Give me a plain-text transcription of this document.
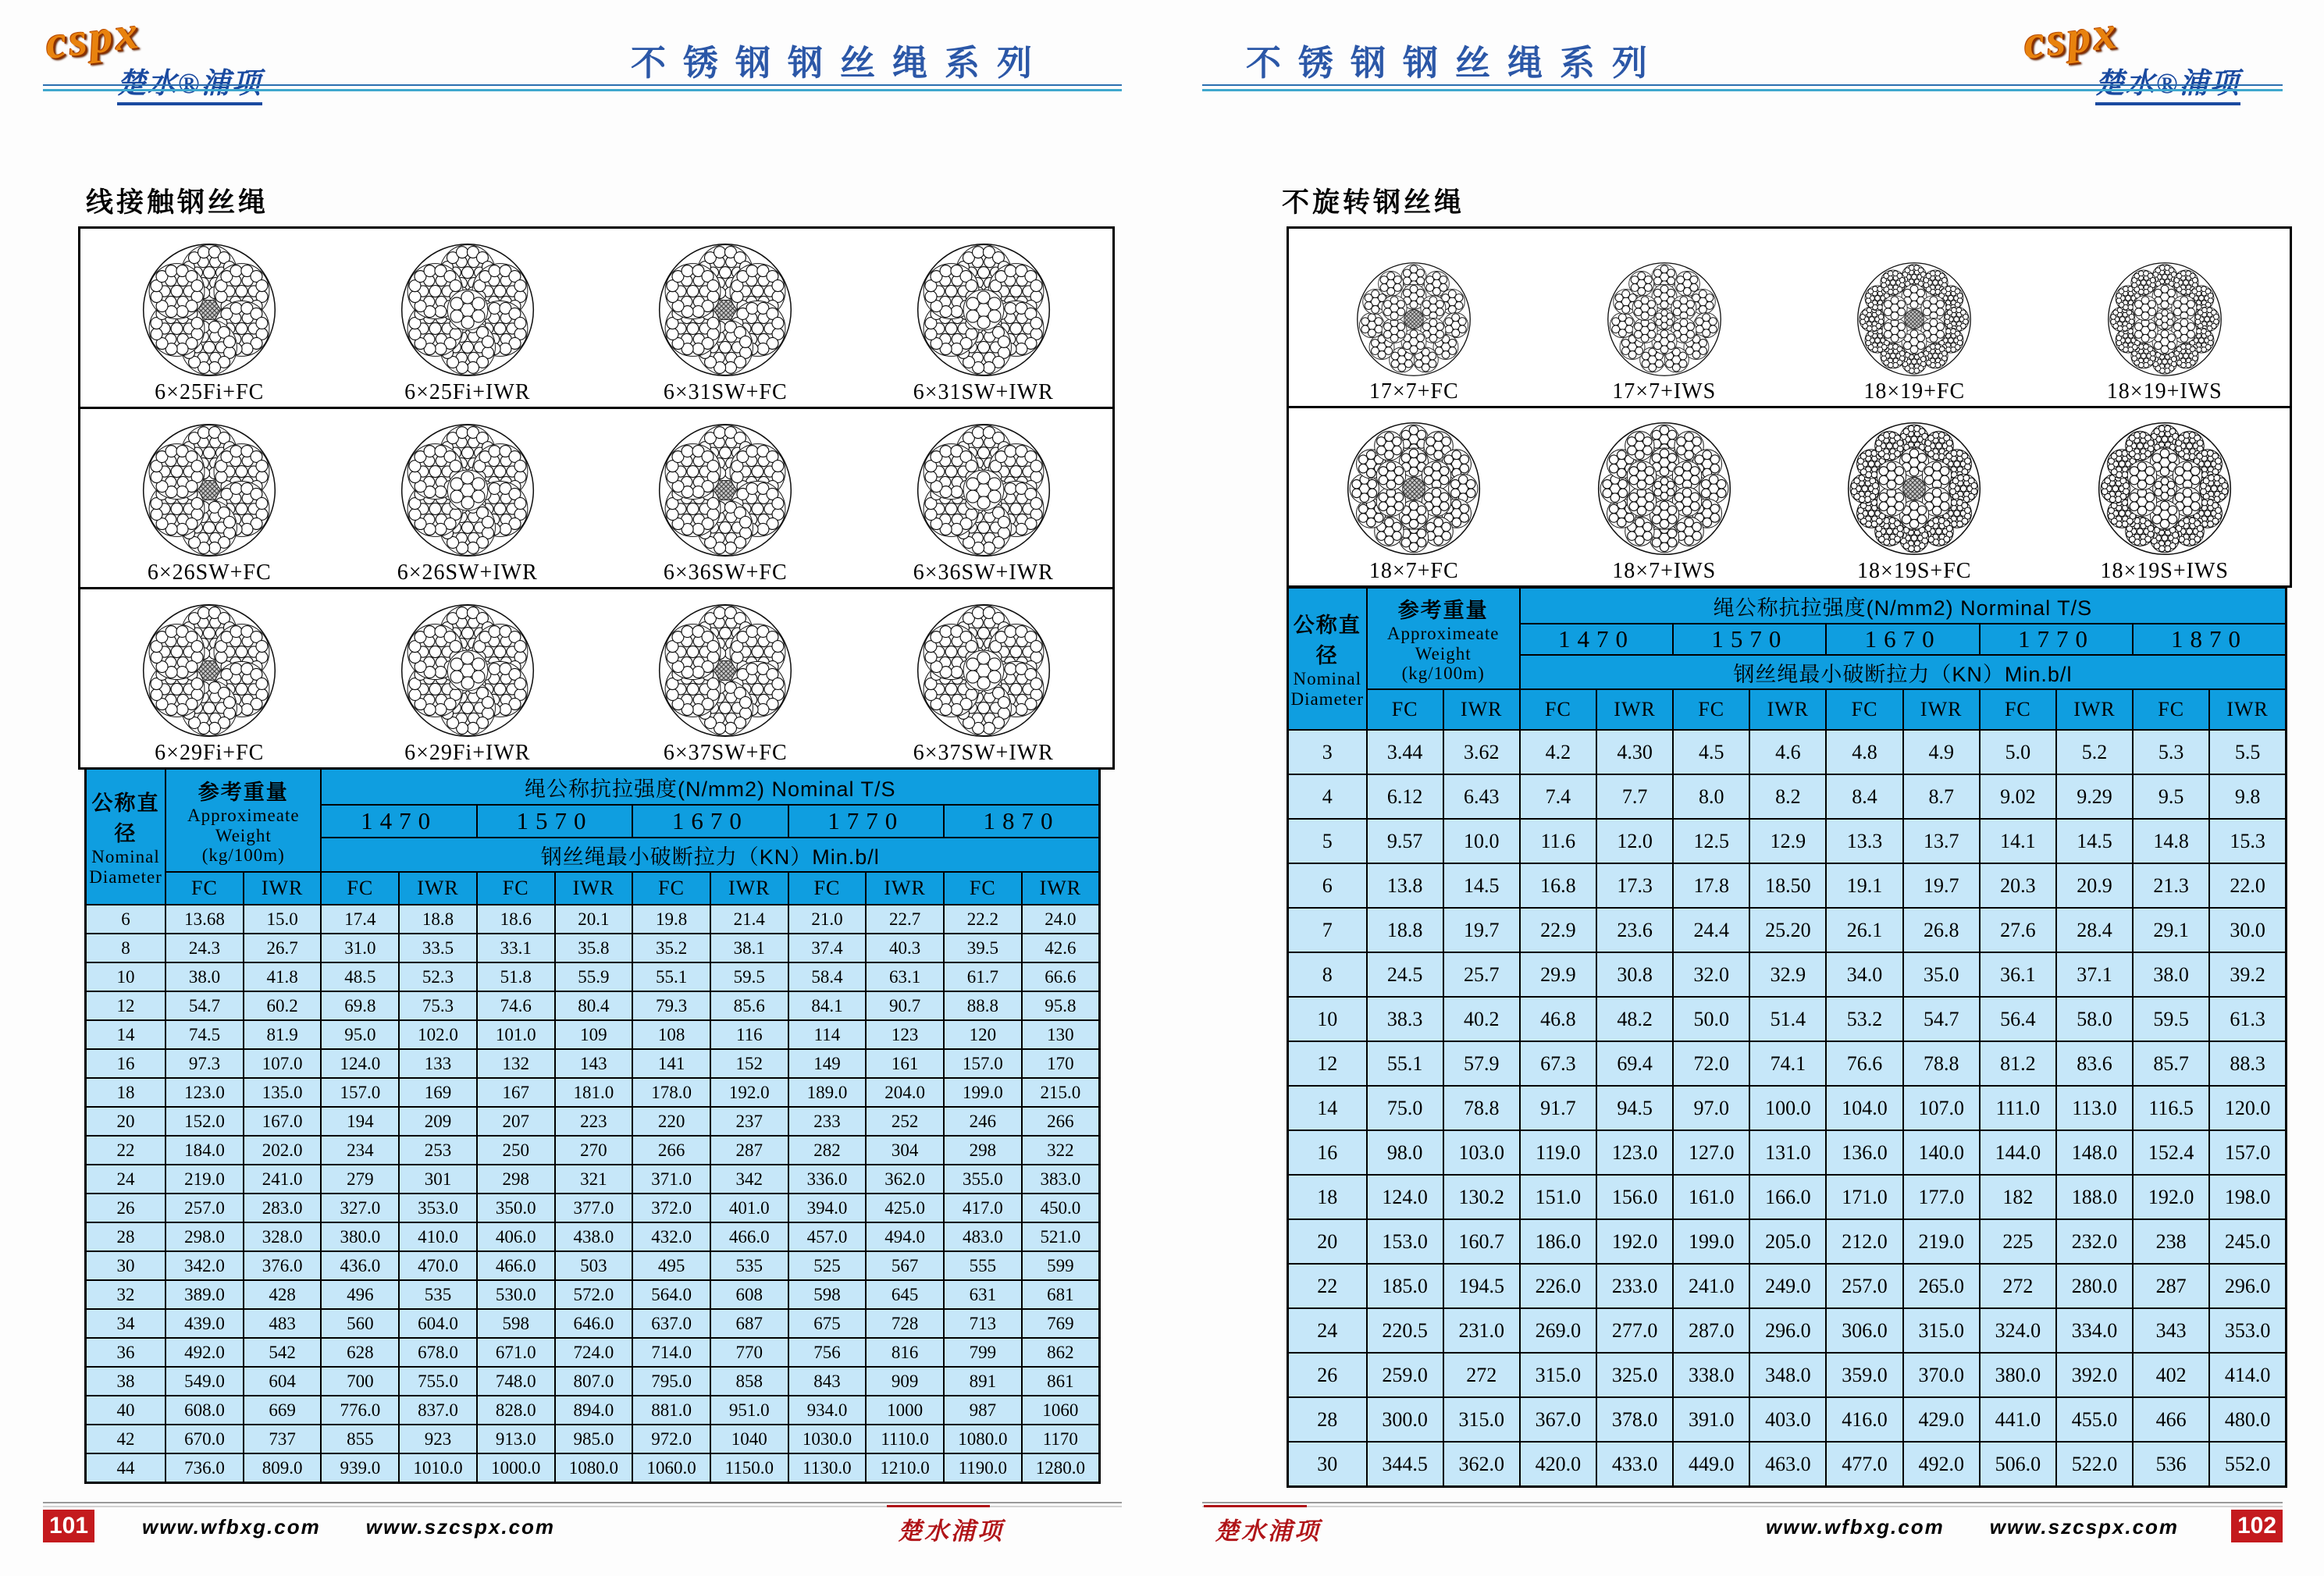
cspx
楚水®浦项
不锈钢钢丝绳系列
线接触钢丝绳
6×25Fi+FC	6×25Fi+IWR	6×31SW+FC	6×31SW+IWR
6×26SW+FC	6×26SW+IWR	6×36SW+FC	6×36SW+IWR
6×29Fi+FC	6×29Fi+IWR	6×37SW+FC	6×37SW+IWR
公称直径
Nominal
Diameter	参考重量
Approximeate
Weight
(kg/100m)		绳公称抗拉强度(N/mm2) Nominal T/S									
			1470		1570		1670		1770		1870	
			钢丝绳最小破断拉力（KN）Min.b/l									
	FC	IWR	FC	IWR	FC	IWR	FC	IWR	FC	IWR	FC	IWR
6	13.68	15.0	17.4	18.8	18.6	20.1	19.8	21.4	21.0	22.7	22.2	24.0
8	24.3	26.7	31.0	33.5	33.1	35.8	35.2	38.1	37.4	40.3	39.5	42.6
10	38.0	41.8	48.5	52.3	51.8	55.9	55.1	59.5	58.4	63.1	61.7	66.6
12	54.7	60.2	69.8	75.3	74.6	80.4	79.3	85.6	84.1	90.7	88.8	95.8
14	74.5	81.9	95.0	102.0	101.0	109	108	116	114	123	120	130
16	97.3	107.0	124.0	133	132	143	141	152	149	161	157.0	170
18	123.0	135.0	157.0	169	167	181.0	178.0	192.0	189.0	204.0	199.0	215.0
20	152.0	167.0	194	209	207	223	220	237	233	252	246	266
22	184.0	202.0	234	253	250	270	266	287	282	304	298	322
24	219.0	241.0	279	301	298	321	371.0	342	336.0	362.0	355.0	383.0
26	257.0	283.0	327.0	353.0	350.0	377.0	372.0	401.0	394.0	425.0	417.0	450.0
28	298.0	328.0	380.0	410.0	406.0	438.0	432.0	466.0	457.0	494.0	483.0	521.0
30	342.0	376.0	436.0	470.0	466.0	503	495	535	525	567	555	599
32	389.0	428	496	535	530.0	572.0	564.0	608	598	645	631	681
34	439.0	483	560	604.0	598	646.0	637.0	687	675	728	713	769
36	492.0	542	628	678.0	671.0	724.0	714.0	770	756	816	799	862
38	549.0	604	700	755.0	748.0	807.0	795.0	858	843	909	891	861
40	608.0	669	776.0	837.0	828.0	894.0	881.0	951.0	934.0	1000	987	1060
42	670.0	737	855	923	913.0	985.0	972.0	1040	1030.0	1110.0	1080.0	1170
44	736.0	809.0	939.0	1010.0	1000.0	1080.0	1060.0	1150.0	1130.0	1210.0	1190.0	1280.0
101	www.wfbxg.com www.szcspx.com	楚水浦项
不锈钢钢丝绳系列	cspx
楚水®浦项
不旋转钢丝绳
17×7+FC	17×7+IWS	18×19+FC	18×19+IWS
18×7+FC	18×7+IWS	18×19S+FC	18×19S+IWS
公称直径
Nominal
Diameter	参考重量
Approximeate
Weight
(kg/100m)		绳公称抗拉强度(N/mm2) Norminal T/S									
			1470		1570		1670		1770		1870	
			钢丝绳最小破断拉力（KN）Min.b/l									
	FC	IWR	FC	IWR	FC	IWR	FC	IWR	FC	IWR	FC	IWR
3	3.44	3.62	4.2	4.30	4.5	4.6	4.8	4.9	5.0	5.2	5.3	5.5
4	6.12	6.43	7.4	7.7	8.0	8.2	8.4	8.7	9.02	9.29	9.5	9.8
5	9.57	10.0	11.6	12.0	12.5	12.9	13.3	13.7	14.1	14.5	14.8	15.3
6	13.8	14.5	16.8	17.3	17.8	18.50	19.1	19.7	20.3	20.9	21.3	22.0
7	18.8	19.7	22.9	23.6	24.4	25.20	26.1	26.8	27.6	28.4	29.1	30.0
8	24.5	25.7	29.9	30.8	32.0	32.9	34.0	35.0	36.1	37.1	38.0	39.2
10	38.3	40.2	46.8	48.2	50.0	51.4	53.2	54.7	56.4	58.0	59.5	61.3
12	55.1	57.9	67.3	69.4	72.0	74.1	76.6	78.8	81.2	83.6	85.7	88.3
14	75.0	78.8	91.7	94.5	97.0	100.0	104.0	107.0	111.0	113.0	116.5	120.0
16	98.0	103.0	119.0	123.0	127.0	131.0	136.0	140.0	144.0	148.0	152.4	157.0
18	124.0	130.2	151.0	156.0	161.0	166.0	171.0	177.0	182	188.0	192.0	198.0
20	153.0	160.7	186.0	192.0	199.0	205.0	212.0	219.0	225	232.0	238	245.0
22	185.0	194.5	226.0	233.0	241.0	249.0	257.0	265.0	272	280.0	287	296.0
24	220.5	231.0	269.0	277.0	287.0	296.0	306.0	315.0	324.0	334.0	343	353.0
26	259.0	272	315.0	325.0	338.0	348.0	359.0	370.0	380.0	392.0	402	414.0
28	300.0	315.0	367.0	378.0	391.0	403.0	416.0	429.0	441.0	455.0	466	480.0
30	344.5	362.0	420.0	433.0	449.0	463.0	477.0	492.0	506.0	522.0	536	552.0
楚水浦项	www.wfbxg.com www.szcspx.com	102
